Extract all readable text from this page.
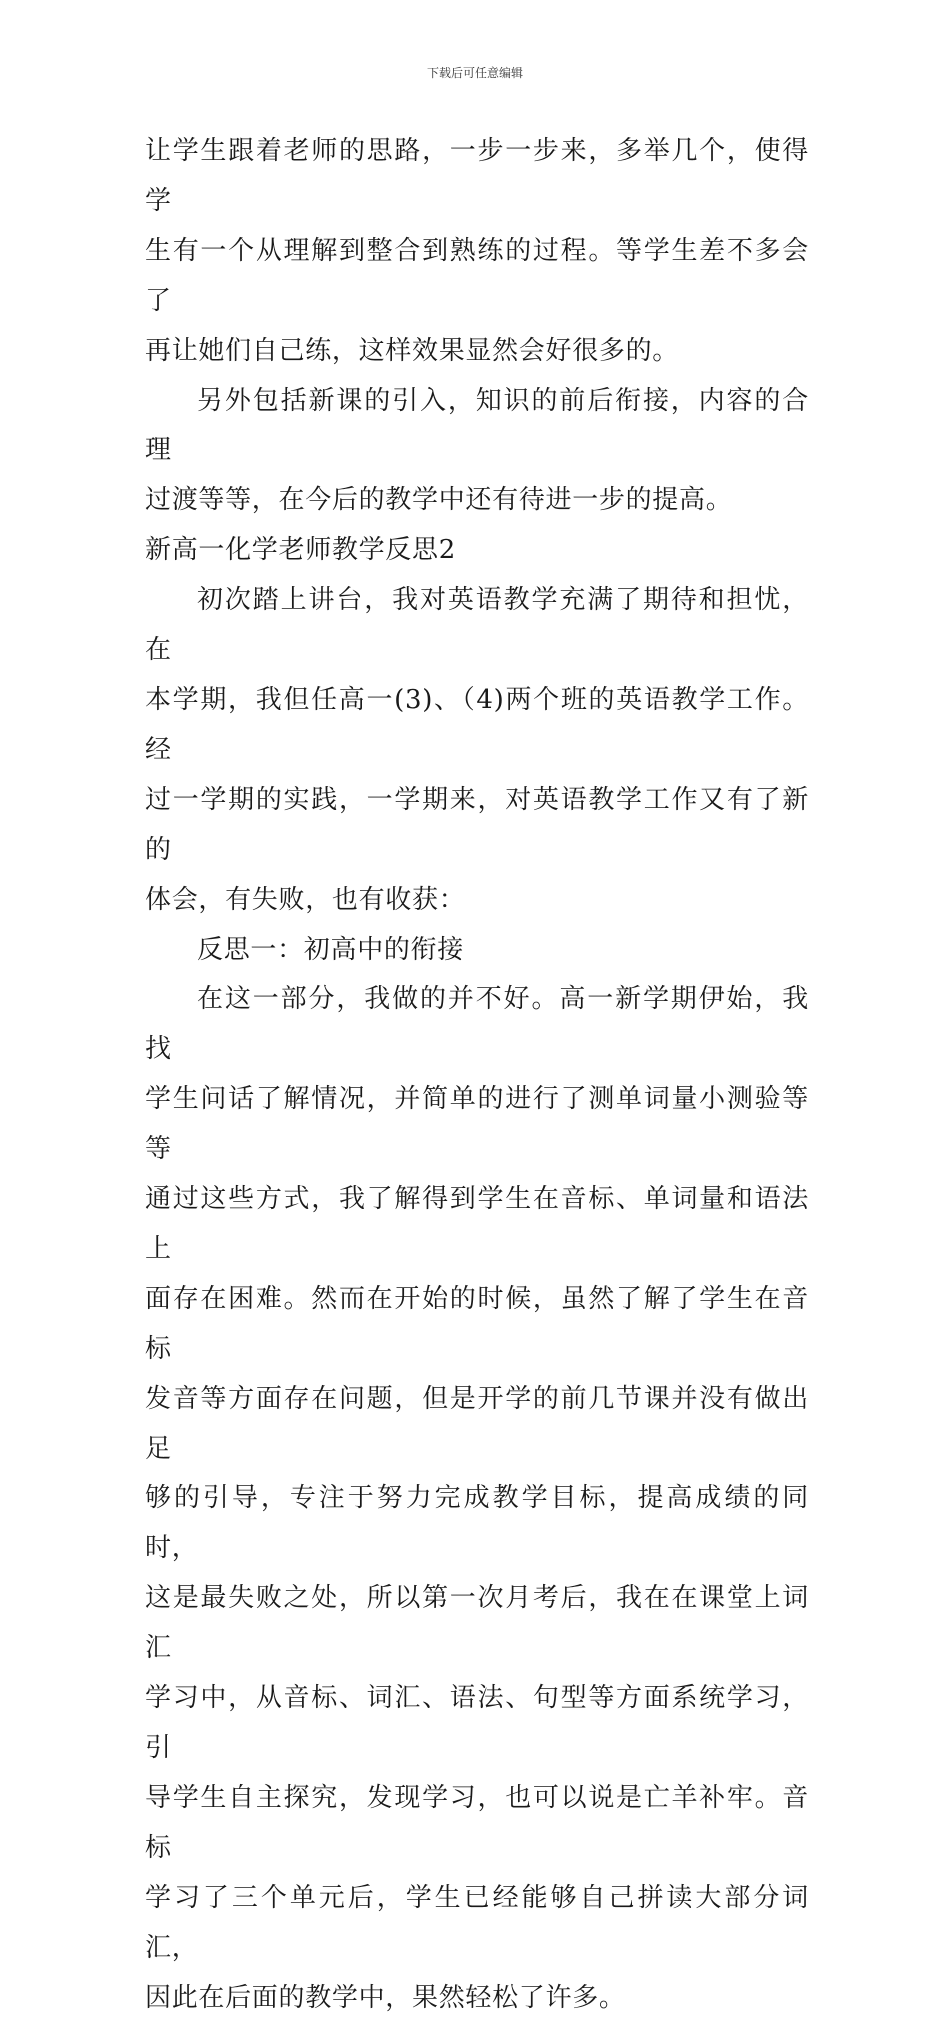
下载后可任意编辑

让学生跟着老师的思路，一步一步来，多举几个，使得学

生有一个从理解到整合到熟练的过程。等学生差不多会了

再让她们自己练，这样效果显然会好很多的。

另外包括新课的引入，知识的前后衔接，内容的合理

过渡等等，在今后的教学中还有待进一步的提高。

新高一化学老师教学反思2

初次踏上讲台，我对英语教学充满了期待和担忧，在

本学期，我但任高一(3)、（4)两个班的英语教学工作。经

过一学期的实践，一学期来，对英语教学工作又有了新的

体会，有失败，也有收获：

反思一：初高中的衔接

在这一部分，我做的并不好。高一新学期伊始，我找

学生问话了解情况，并简单的进行了测单词量小测验等等

通过这些方式，我了解得到学生在音标、单词量和语法上

面存在困难。然而在开始的时候，虽然了解了学生在音标

发音等方面存在问题，但是开学的前几节课并没有做出足

够的引导，专注于努力完成教学目标，提高成绩的同时，

这是最失败之处，所以第一次月考后，我在在课堂上词汇

学习中，从音标、词汇、语法、句型等方面系统学习，引

导学生自主探究，发现学习，也可以说是亡羊补牢。音标

学习了三个单元后，学生已经能够自己拼读大部分词汇，

因此在后面的教学中，果然轻松了许多。
